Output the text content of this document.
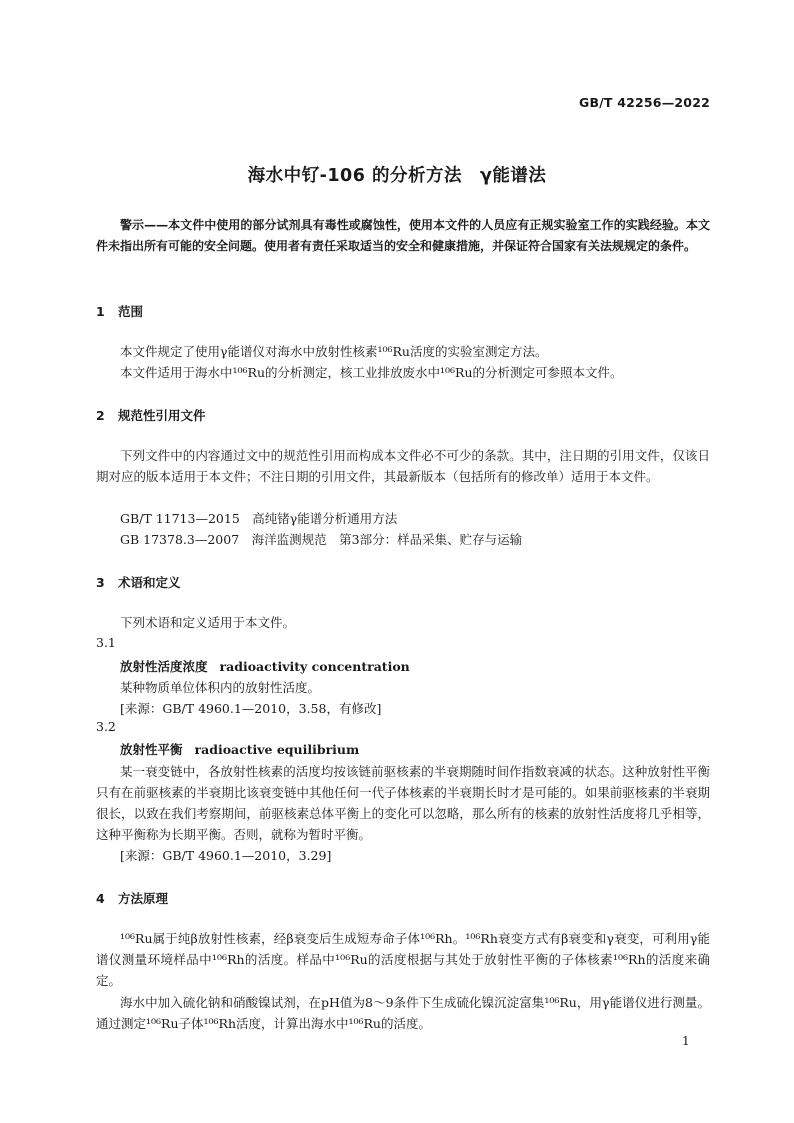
GB/T 42256—2022
海水中钌-106 的分析方法　γ能谱法
警示——本文件中使用的部分试剂具有毒性或腐蚀性，使用本文件的人员应有正规实验室工作的实践经验。本文件未指出所有可能的安全问题。使用者有责任采取适当的安全和健康措施，并保证符合国家有关法规规定的条件。
1 范围
本文件规定了使用γ能谱仪对海水中放射性核素¹⁰⁶Ru活度的实验室测定方法。
本文件适用于海水中¹⁰⁶Ru的分析测定，核工业排放废水中¹⁰⁶Ru的分析测定可参照本文件。
2 规范性引用文件
下列文件中的内容通过文中的规范性引用而构成本文件必不可少的条款。其中，注日期的引用文件，仅该日期对应的版本适用于本文件；不注日期的引用文件，其最新版本（包括所有的修改单）适用于本文件。
GB/T 11713—2015　高纯锗γ能谱分析通用方法
GB 17378.3—2007　海洋监测规范　第3部分：样品采集、贮存与运输
3 术语和定义
下列术语和定义适用于本文件。
3.1
放射性活度浓度 radioactivity concentration
某种物质单位体积内的放射性活度。
[来源：GB/T 4960.1—2010，3.58，有修改]
3.2
放射性平衡 radioactive equilibrium
某一衰变链中，各放射性核素的活度均按该链前驱核素的半衰期随时间作指数衰减的状态。这种放射性平衡只有在前驱核素的半衰期比该衰变链中其他任何一代子体核素的半衰期长时才是可能的。如果前驱核素的半衰期很长，以致在我们考察期间，前驱核素总体平衡上的变化可以忽略，那么所有的核素的放射性活度将几乎相等，这种平衡称为长期平衡。否则，就称为暂时平衡。
[来源：GB/T 4960.1—2010，3.29]
4 方法原理
¹⁰⁶Ru属于纯β放射性核素，经β衰变后生成短寿命子体¹⁰⁶Rh。¹⁰⁶Rh衰变方式有β衰变和γ衰变，可利用γ能谱仪测量环境样品中¹⁰⁶Rh的活度。样品中¹⁰⁶Ru的活度根据与其处于放射性平衡的子体核素¹⁰⁶Rh的活度来确定。
海水中加入硫化钠和硝酸镍试剂，在pH值为8～9条件下生成硫化镍沉淀富集¹⁰⁶Ru，用γ能谱仪进行测量。通过测定¹⁰⁶Ru子体¹⁰⁶Rh活度，计算出海水中¹⁰⁶Ru的活度。
1
